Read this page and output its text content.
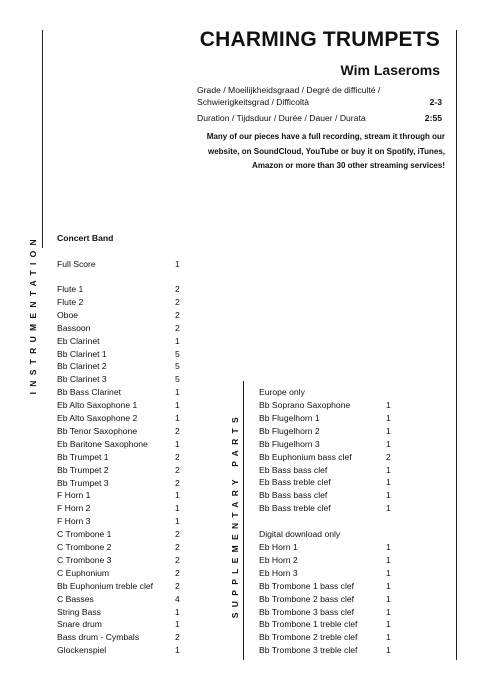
CHARMING TRUMPETS
Wim Laseroms
Grade / Moeilijkheidsgraad / Degré de difficulté / Schwierigkeitsgrad / Difficoltà	2-3
Duration / Tijdsduur / Durée / Dauer / Durata	2:55
Many of our pieces have a full recording, stream it through our website, on SoundCloud, YouTube or buy it on Spotify, iTunes, Amazon or more than 30 other streaming services!
INSTRUMENTATION
SUPPLEMENTARY PARTS
Concert Band
Full Score	1
Flute 1	2
Flute 2	2
Oboe	2
Bassoon	2
Eb Clarinet	1
Bb Clarinet 1	5
Bb Clarinet 2	5
Bb Clarinet 3	5
Bb Bass Clarinet	1
Eb Alto Saxophone 1	1
Eb Alto Saxophone 2	1
Bb Tenor Saxophone	2
Eb Baritone Saxophone	1
Bb Trumpet 1	2
Bb Trumpet 2	2
Bb Trumpet 3	2
F Horn 1	1
F Horn 2	1
F Horn 3	1
C Trombone 1	2
C Trombone 2	2
C Trombone 3	2
C Euphonium	2
Bb Euphonium treble clef	2
C Basses	4
String Bass	1
Snare drum	1
Bass drum - Cymbals	2
Glockenspiel	1
Europe only
Bb Soprano Saxophone	1
Bb Flugelhorn 1	1
Bb Flugelhorn 2	1
Bb Flugelhorn 3	1
Bb Euphonium bass clef	2
Eb Bass bass clef	1
Eb Bass treble clef	1
Bb Bass bass clef	1
Bb Bass treble clef	1
Digital download only
Eb Horn 1	1
Eb Horn 2	1
Eb Horn 3	1
Bb Trombone 1 bass clef	1
Bb Trombone 2 bass clef	1
Bb Trombone 3 bass clef	1
Bb Trombone 1 treble clef	1
Bb Trombone 2 treble clef	1
Bb Trombone 3 treble clef	1
